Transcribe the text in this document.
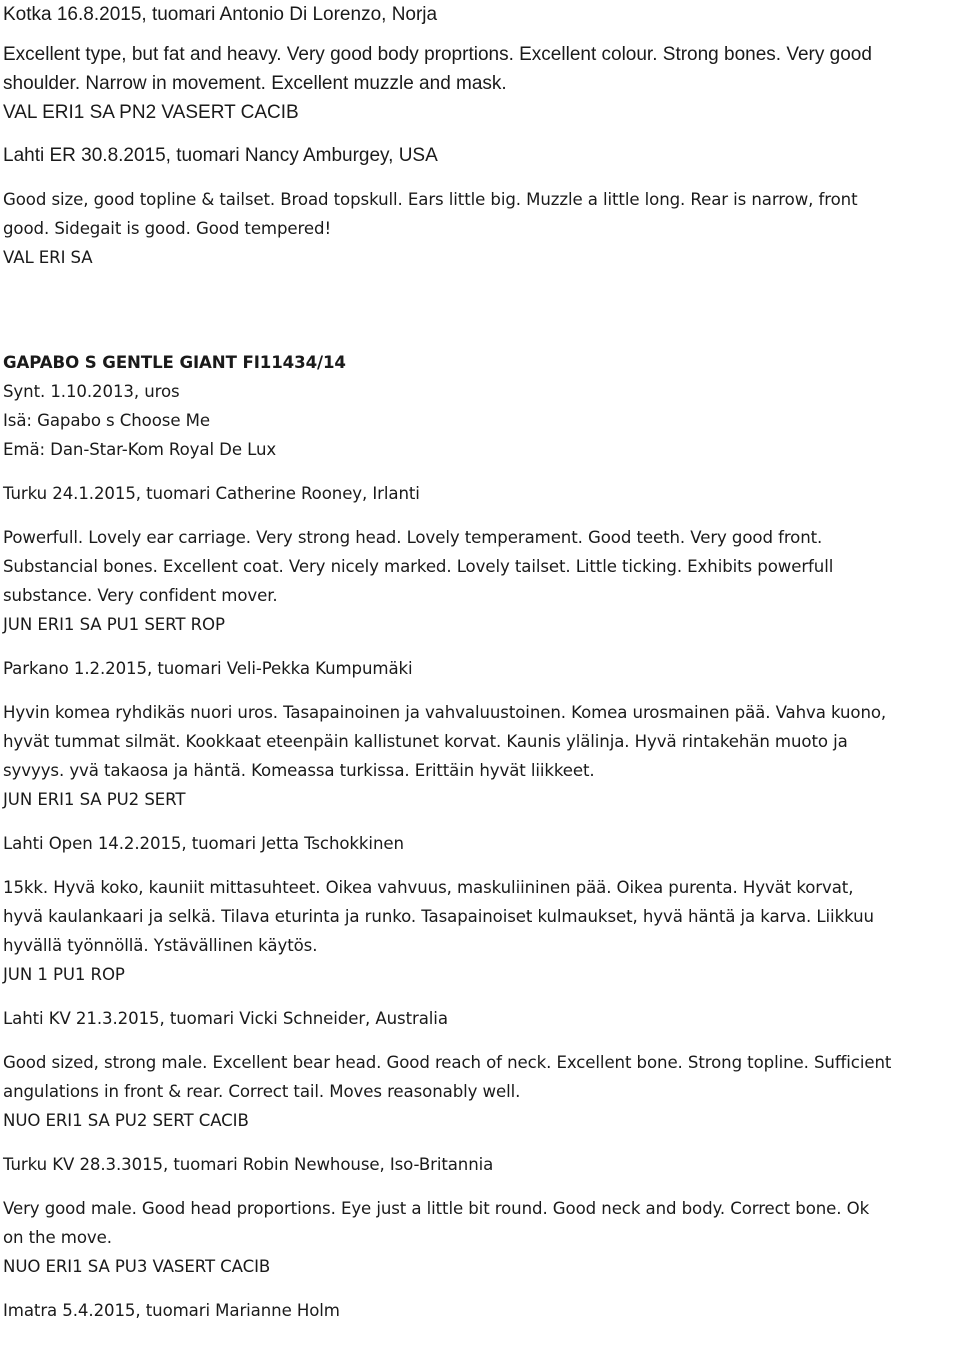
Kotka 16.8.2015, tuomari Antonio Di Lorenzo, Norja
Excellent type, but fat and heavy. Very good body proprtions. Excellent colour. Strong bones. Very good
shoulder. Narrow in movement. Excellent muzzle and mask.
VAL ERI1 SA PN2 VASERT CACIB
Lahti ER 30.8.2015, tuomari Nancy Amburgey, USA
Good size, good topline & tailset. Broad topskull. Ears little big. Muzzle a little long. Rear is narrow, front
good. Sidegait is good. Good tempered!
VAL ERI SA
GAPABO S GENTLE GIANT FI11434/14
Synt. 1.10.2013, uros
Isä: Gapabo s Choose Me
Emä: Dan-Star-Kom Royal De Lux
Turku 24.1.2015, tuomari Catherine Rooney, Irlanti
Powerfull. Lovely ear carriage. Very strong head. Lovely temperament. Good teeth. Very good front.
Substancial bones. Excellent coat. Very nicely marked. Lovely tailset. Little ticking. Exhibits powerfull
substance. Very confident mover.
JUN ERI1 SA PU1 SERT ROP
Parkano 1.2.2015, tuomari Veli-Pekka Kumpumäki
Hyvin komea ryhdikäs nuori uros. Tasapainoinen ja vahvaluustoinen. Komea urosmainen pää. Vahva kuono,
hyvät tummat silmät. Kookkaat eteenpäin kallistunet korvat. Kaunis ylälinja. Hyvä rintakehän muoto ja
syvyys. yvä takaosa ja häntä. Komeassa turkissa. Erittäin hyvät liikkeet.
JUN ERI1 SA PU2 SERT
Lahti Open 14.2.2015, tuomari Jetta Tschokkinen
15kk. Hyvä koko, kauniit mittasuhteet. Oikea vahvuus, maskuliininen pää. Oikea purenta. Hyvät korvat,
hyvä kaulankaari ja selkä. Tilava eturinta ja runko. Tasapainoiset kulmaukset, hyvä häntä ja karva. Liikkuu
hyvällä työnnöllä. Ystävällinen käytös.
JUN 1 PU1 ROP
Lahti KV 21.3.2015, tuomari Vicki Schneider, Australia
Good sized, strong male. Excellent bear head. Good reach of neck. Excellent bone. Strong topline. Sufficient
angulations in front & rear. Correct tail. Moves reasonably well.
NUO ERI1 SA PU2 SERT CACIB
Turku KV 28.3.3015, tuomari Robin Newhouse, Iso-Britannia
Very good male. Good head proportions. Eye just a little bit round. Good neck and body. Correct bone. Ok
on the move.
NUO ERI1 SA PU3 VASERT CACIB
Imatra 5.4.2015, tuomari Marianne Holm
